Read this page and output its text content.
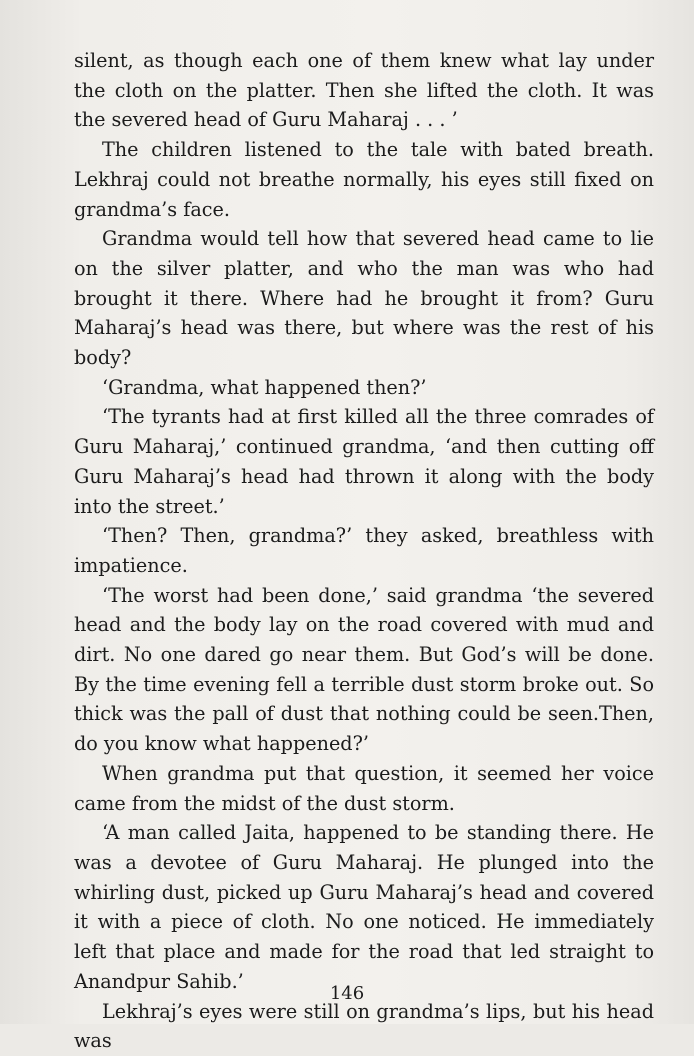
silent, as though each one of them knew what lay under the cloth on the platter. Then she lifted the cloth. It was the severed head of Guru Maharaj . . . ’

The children listened to the tale with bated breath. Lekhraj could not breathe normally, his eyes still fixed on grandma’s face.

Grandma would tell how that severed head came to lie on the silver platter, and who the man was who had brought it there. Where had he brought it from? Guru Maharaj’s head was there, but where was the rest of his body?

‘Grandma, what happened then?’

‘The tyrants had at first killed all the three comrades of Guru Maharaj,’ continued grandma, ‘and then cutting off Guru Maharaj’s head had thrown it along with the body into the street.’

‘Then? Then, grandma?’ they asked, breathless with impatience.

‘The worst had been done,’ said grandma ‘the severed head and the body lay on the road covered with mud and dirt. No one dared go near them. But God’s will be done. By the time evening fell a terrible dust storm broke out. So thick was the pall of dust that nothing could be seen.Then, do you know what happened?’

When grandma put that question, it seemed her voice came from the midst of the dust storm.

‘A man called Jaita, happened to be standing there. He was a devotee of Guru Maharaj. He plunged into the whirling dust, picked up Guru Maharaj’s head and covered it with a piece of cloth. No one noticed. He immediately left that place and made for the road that led straight to Anandpur Sahib.’

Lekhraj’s eyes were still on grandma’s lips, but his head was

146
